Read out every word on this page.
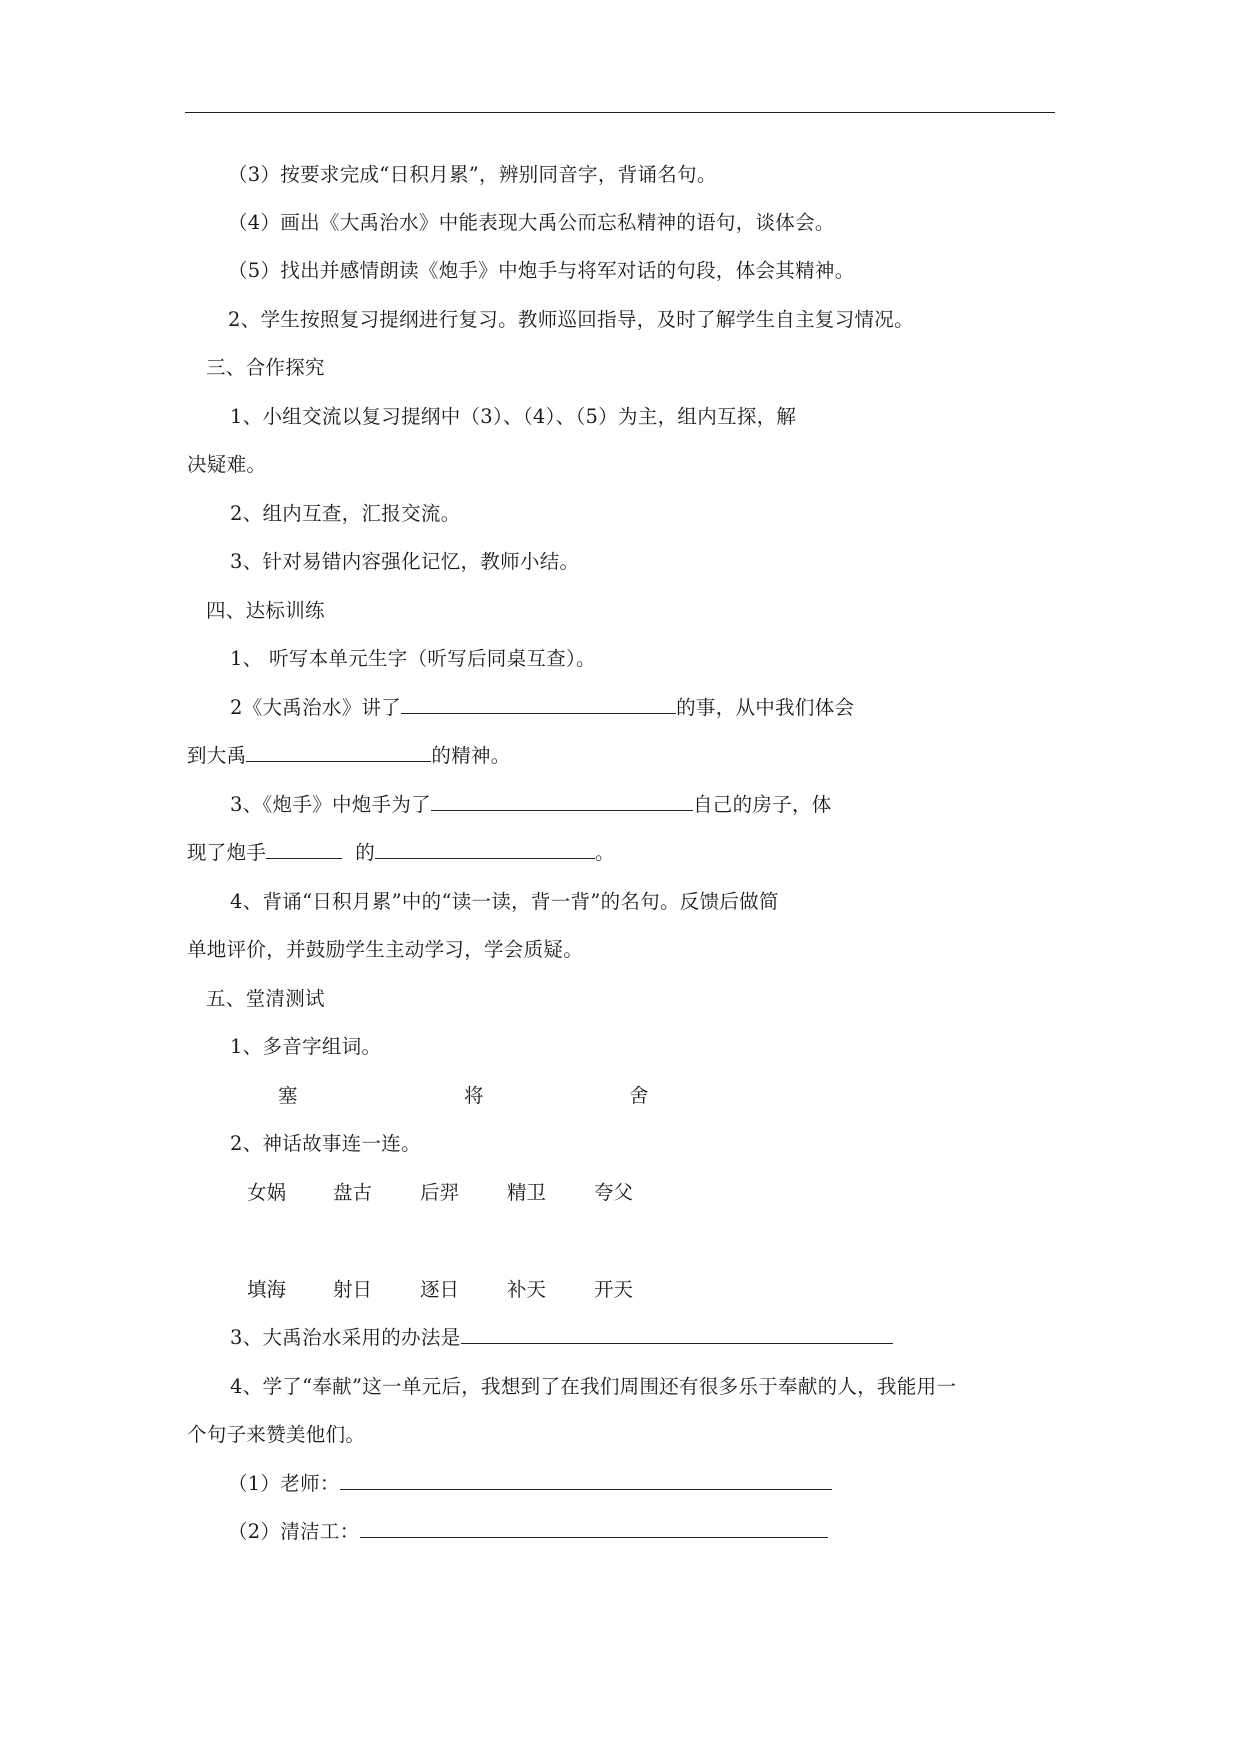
（3）按要求完成“日积月累”，辨别同音字，背诵名句。
（4）画出《大禹治水》中能表现大禹公而忘私精神的语句，谈体会。
（5）找出并感情朗读《炮手》中炮手与将军对话的句段，体会其精神。
2、学生按照复习提纲进行复习。教师巡回指导，及时了解学生自主复习情况。
三、合作探究
1、小组交流以复习提纲中（3）、（4）、（5）为主，组内互探，解
决疑难。
2、组内互查，汇报交流。
3、针对易错内容强化记忆，教师小结。
四、达标训练
1、 听写本单元生字（听写后同桌互查）。
2《大禹治水》讲了	的事，从中我们体会
到大禹	的精神。
3、《炮手》中炮手为了	自己的房子，体
现了炮手	的	。
4、背诵“日积月累”中的“读一读，背一背”的名句。反馈后做简
单地评价，并鼓励学生主动学习，学会质疑。
五、堂清测试
1、多音字组词。
塞	将	舍
2、神话故事连一连。
女娲 盘古 后羿 精卫 夸父
填海 射日 逐日 补天 开天
3、大禹治水采用的办法是
4、学了“奉献”这一单元后，我想到了在我们周围还有很多乐于奉献的人，我能用一
个句子来赞美他们。
（1）老师：
（2）清洁工：
